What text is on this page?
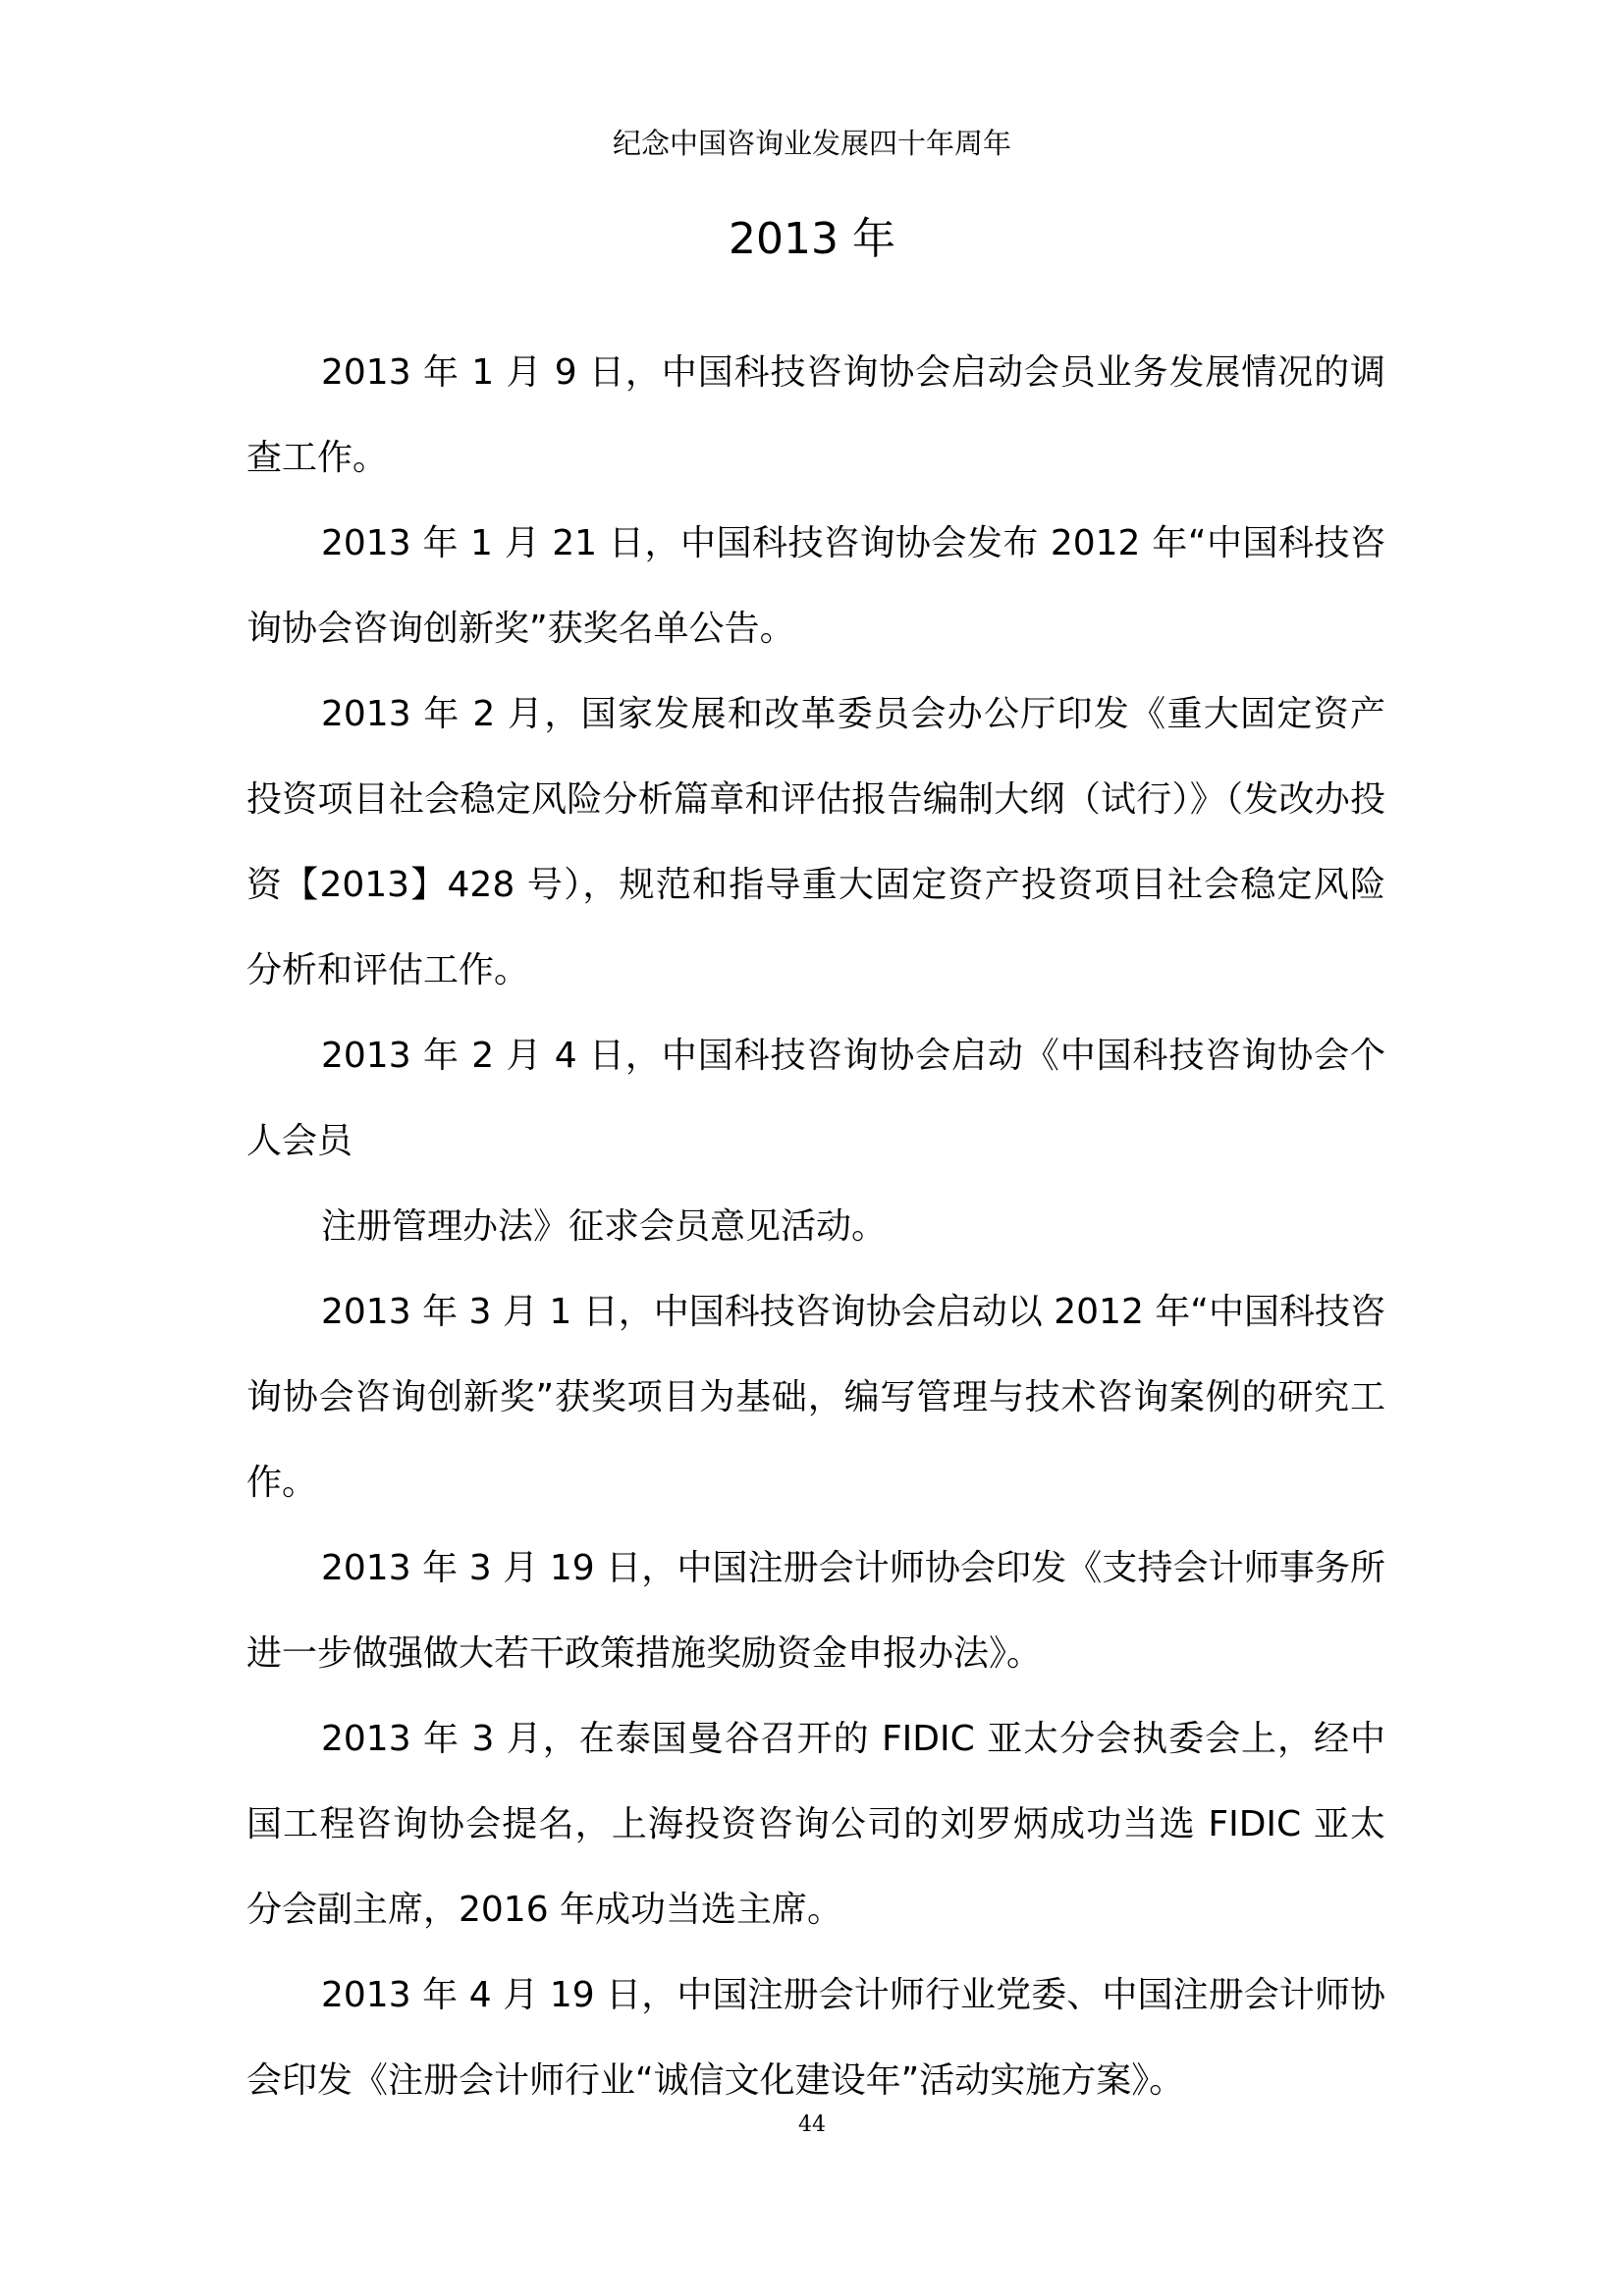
纪念中国咨询业发展四十年周年
2013 年

2013 年 1 月 9 日，中国科技咨询协会启动会员业务发展情况的调查工作。

2013 年 1 月 21 日，中国科技咨询协会发布 2012 年“中国科技咨询协会咨询创新奖”获奖名单公告。

2013 年 2 月，国家发展和改革委员会办公厅印发《重大固定资产投资项目社会稳定风险分析篇章和评估报告编制大纲（试行）》（发改办投资【2013】428 号），规范和指导重大固定资产投资项目社会稳定风险分析和评估工作。

2013 年 2 月 4 日，中国科技咨询协会启动《中国科技咨询协会个人会员

注册管理办法》征求会员意见活动。

2013 年 3 月 1 日，中国科技咨询协会启动以 2012 年“中国科技咨询协会咨询创新奖”获奖项目为基础，编写管理与技术咨询案例的研究工作。

2013 年 3 月 19 日，中国注册会计师协会印发《支持会计师事务所进一步做强做大若干政策措施奖励资金申报办法》。

2013 年 3 月，在泰国曼谷召开的 FIDIC 亚太分会执委会上，经中国工程咨询协会提名，上海投资咨询公司的刘罗炳成功当选 FIDIC 亚太分会副主席，2016 年成功当选主席。

2013 年 4 月 19 日，中国注册会计师行业党委、中国注册会计师协会印发《注册会计师行业“诚信文化建设年”活动实施方案》。

44
